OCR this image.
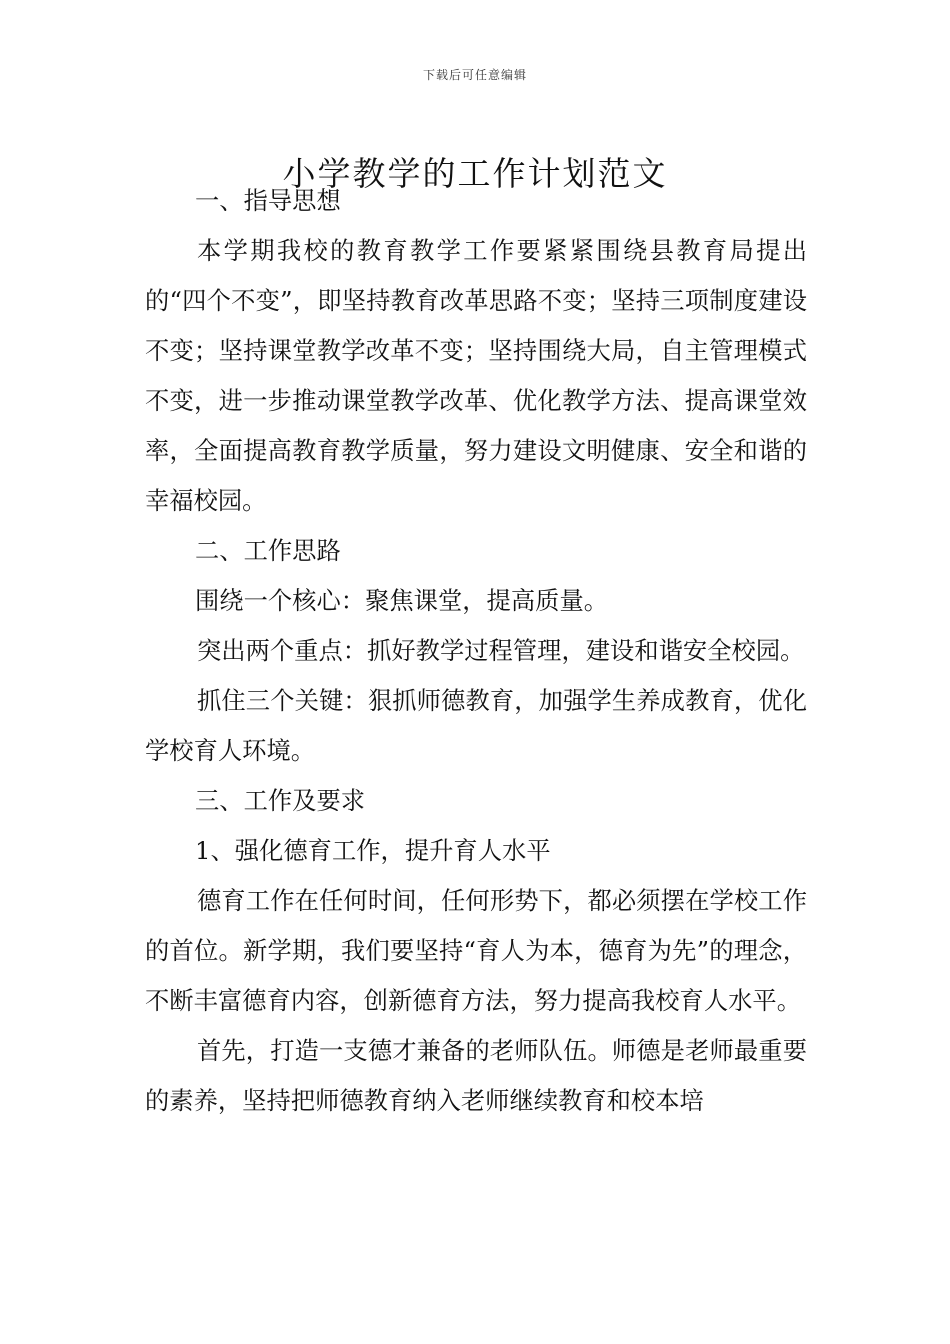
下载后可任意编辑
小学教学的工作计划范文

一、指导思想

本学期我校的教育教学工作要紧紧围绕县教育局提出的“四个不变”，即坚持教育改革思路不变；坚持三项制度建设不变；坚持课堂教学改革不变；坚持围绕大局，自主管理模式不变，进一步推动课堂教学改革、优化教学方法、提高课堂效率，全面提高教育教学质量，努力建设文明健康、安全和谐的幸福校园。

二、工作思路

围绕一个核心：聚焦课堂，提高质量。

突出两个重点：抓好教学过程管理，建设和谐安全校园。

抓住三个关键：狠抓师德教育，加强学生养成教育，优化学校育人环境。

三、工作及要求

1、强化德育工作，提升育人水平

德育工作在任何时间，任何形势下，都必须摆在学校工作的首位。新学期，我们要坚持“育人为本，德育为先”的理念，不断丰富德育内容，创新德育方法，努力提高我校育人水平。

首先，打造一支德才兼备的老师队伍。师德是老师最重要的素养，坚持把师德教育纳入老师继续教育和校本培
